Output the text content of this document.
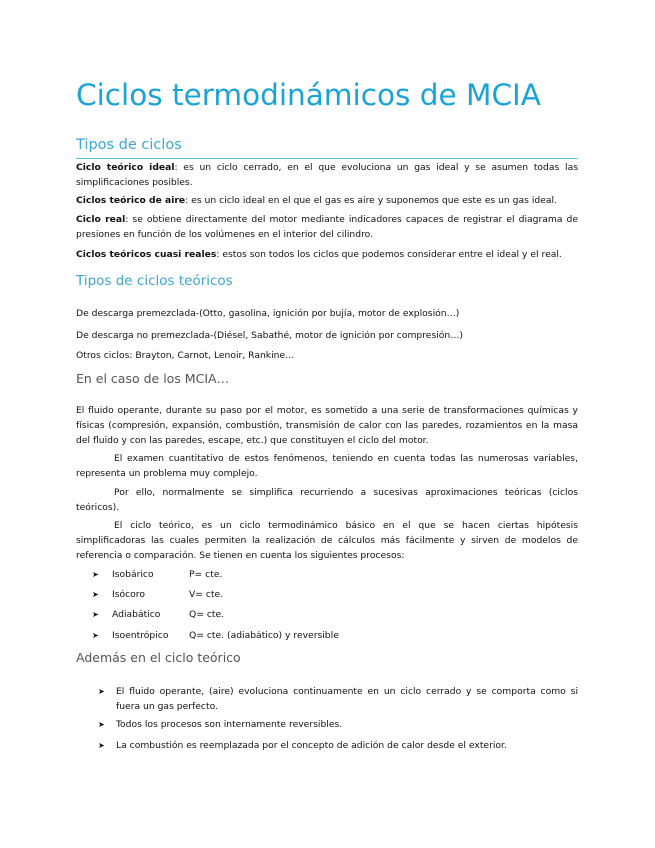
Ciclos termodinámicos de MCIA
Tipos de ciclos

Ciclo teórico ideal: es un ciclo cerrado, en el que evoluciona un gas ideal y se asumen todas las simplificaciones posibles.

Ciclos teórico de aire: es un ciclo ideal en el que el gas es aire y suponemos que este es un gas ideal.

Ciclo real: se obtiene directamente del motor mediante indicadores capaces de registrar el diagrama de presiones en función de los volúmenes en el interior del cilindro.

Ciclos teóricos cuasi reales: estos son todos los ciclos que podemos considerar entre el ideal y el real.

Tipos de ciclos teóricos

De descarga premezclada-(Otto, gasolina, ignición por bujía, motor de explosión…)

De descarga no premezclada-(Diésel, Sabathé, motor de ignición por compresión…)

Otros ciclos: Brayton, Carnot, Lenoir, Rankine…

En el caso de los MCIA…

El fluido operante, durante su paso por el motor, es sometido a una serie de transformaciones químicas y físicas (compresión, expansión, combustión, transmisión de calor con las paredes, rozamientos en la masa del fluido y con las paredes, escape, etc.) que constituyen el ciclo del motor.

El examen cuantitativo de estos fenómenos, teniendo en cuenta todas las numerosas variables, representa un problema muy complejo.

Por ello, normalmente se simplifica recurriendo a sucesivas aproximaciones teóricas (ciclos teóricos).

El ciclo teórico, es un ciclo termodinámico básico en el que se hacen ciertas hipótesis simplificadoras las cuales permiten la realización de cálculos más fácilmente y sirven de modelos de referencia o comparación. Se tienen en cuenta los siguientes procesos:

➤ Isobárico	P= cte.
➤ Isócoro	V= cte.
➤ Adiabático	Q= cte.
➤ Isoentrópico Q= cte. (adiabático) y reversible
Además en el ciclo teórico
➤ El fluido operante, (aire) evoluciona continuamente en un ciclo cerrado y se comporta como si fuera un gas perfecto.
➤ Todos los procesos son internamente reversibles.
➤ La combustión es reemplazada por el concepto de adición de calor desde el exterior.
